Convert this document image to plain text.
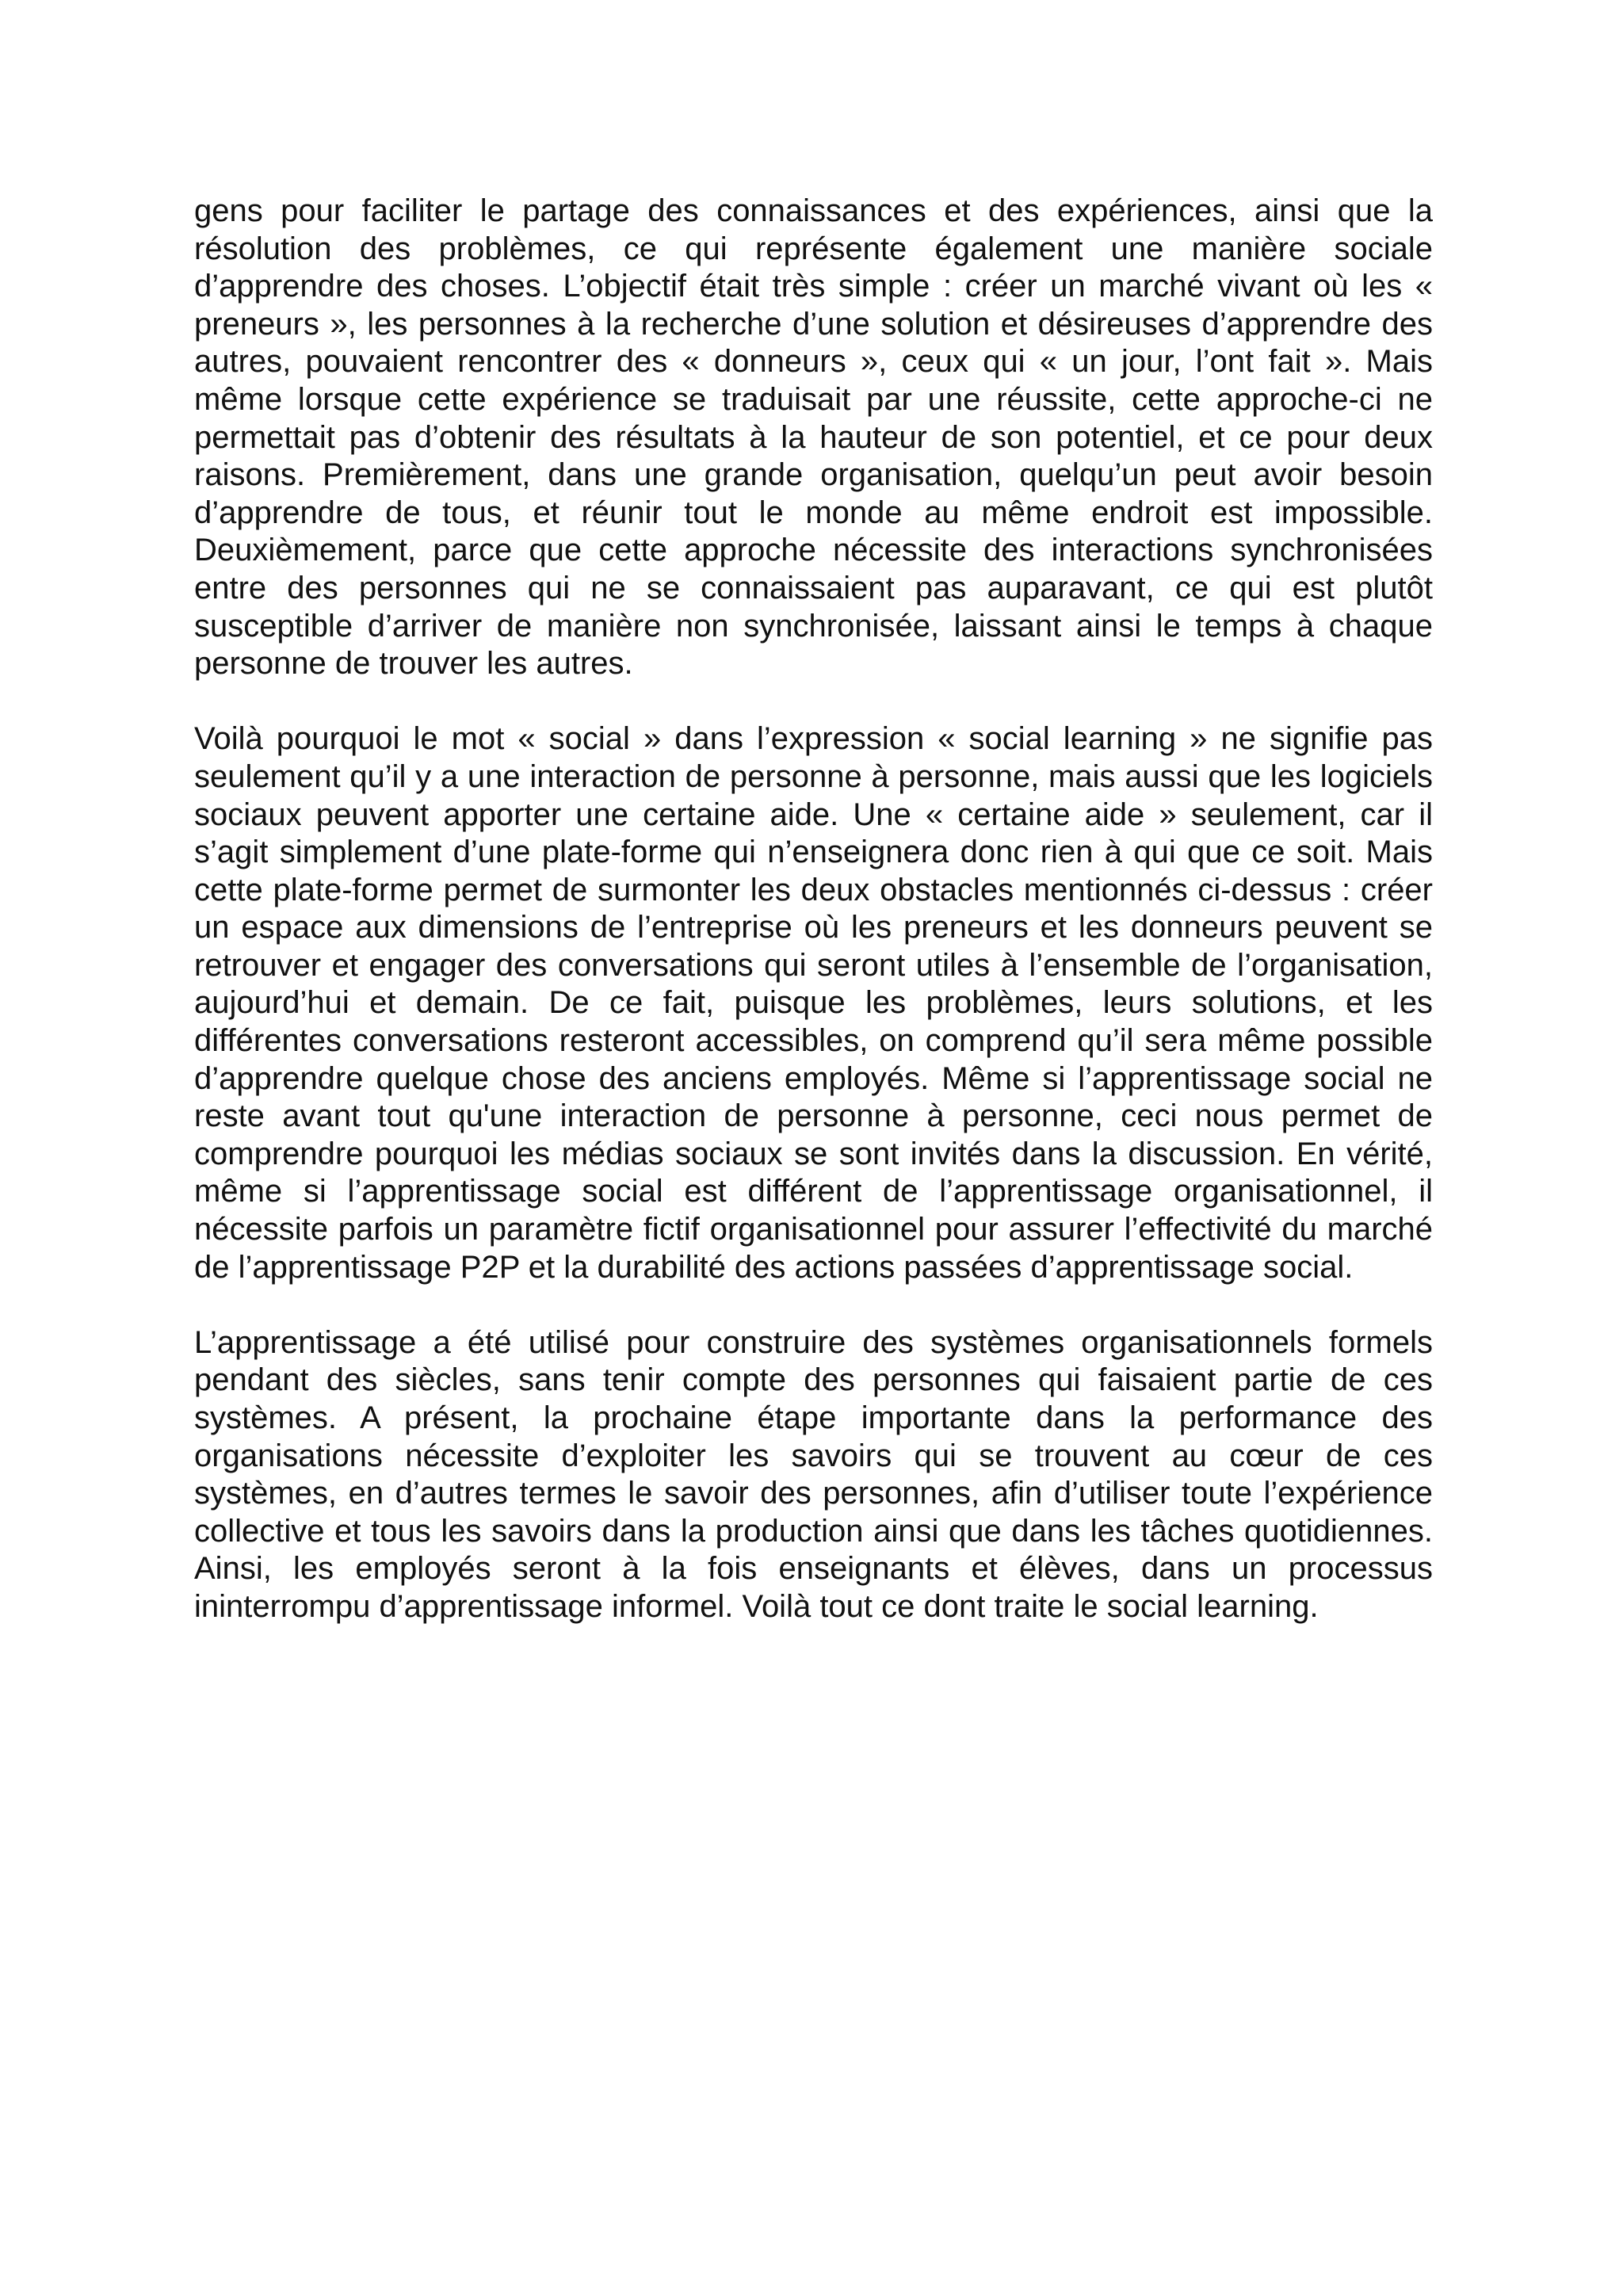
gens pour faciliter le partage des connaissances et des expériences, ainsi que la résolution des problèmes, ce qui représente également une manière sociale d’apprendre des choses. L’objectif était très simple : créer un marché vivant où les « preneurs », les personnes à la recherche d’une solution et désireuses d’apprendre des autres, pouvaient rencontrer des « donneurs », ceux qui « un jour, l’ont fait ». Mais même lorsque cette expérience se traduisait par une réussite, cette approche-ci ne permettait pas d’obtenir des résultats à la hauteur de son potentiel, et ce pour deux raisons. Premièrement, dans une grande organisation, quelqu’un peut avoir besoin d’apprendre de tous, et réunir tout le monde au même endroit est impossible. Deuxièmement, parce que cette approche nécessite des interactions synchronisées entre des personnes qui ne se connaissaient pas auparavant, ce qui est plutôt susceptible d’arriver de manière non synchronisée, laissant ainsi le temps à chaque personne de trouver les autres.

Voilà pourquoi le mot « social » dans l’expression « social learning » ne signifie pas seulement qu’il y a une interaction de personne à personne, mais aussi que les logiciels sociaux peuvent apporter une certaine aide. Une « certaine aide » seulement, car il s’agit simplement d’une plate-forme qui n’enseignera donc rien à qui que ce soit. Mais cette plate-forme permet de surmonter les deux obstacles mentionnés ci-dessus : créer un espace aux dimensions de l’entreprise où les preneurs et les donneurs peuvent se retrouver et engager des conversations qui seront utiles à l’ensemble de l’organisation, aujourd’hui et demain. De ce fait, puisque les problèmes, leurs solutions, et les différentes conversations resteront accessibles, on comprend qu’il sera même possible d’apprendre quelque chose des anciens employés. Même si l’apprentissage social ne reste avant tout qu'une interaction de personne à personne, ceci nous permet de comprendre pourquoi les médias sociaux se sont invités dans la discussion. En vérité, même si l’apprentissage social est différent de l’apprentissage organisationnel, il nécessite parfois un paramètre fictif organisationnel pour assurer l’effectivité du marché de l’apprentissage P2P et la durabilité des actions passées d’apprentissage social.

L’apprentissage a été utilisé pour construire des systèmes organisationnels formels pendant des siècles, sans tenir compte des personnes qui faisaient partie de ces systèmes. A présent, la prochaine étape importante dans la performance des organisations nécessite d’exploiter les savoirs qui se trouvent au cœur de ces systèmes, en d’autres termes le savoir des personnes, afin d’utiliser toute l’expérience collective et tous les savoirs dans la production ainsi que dans les tâches quotidiennes. Ainsi, les employés seront à la fois enseignants et élèves, dans un processus ininterrompu d’apprentissage informel. Voilà tout ce dont traite le social learning.
